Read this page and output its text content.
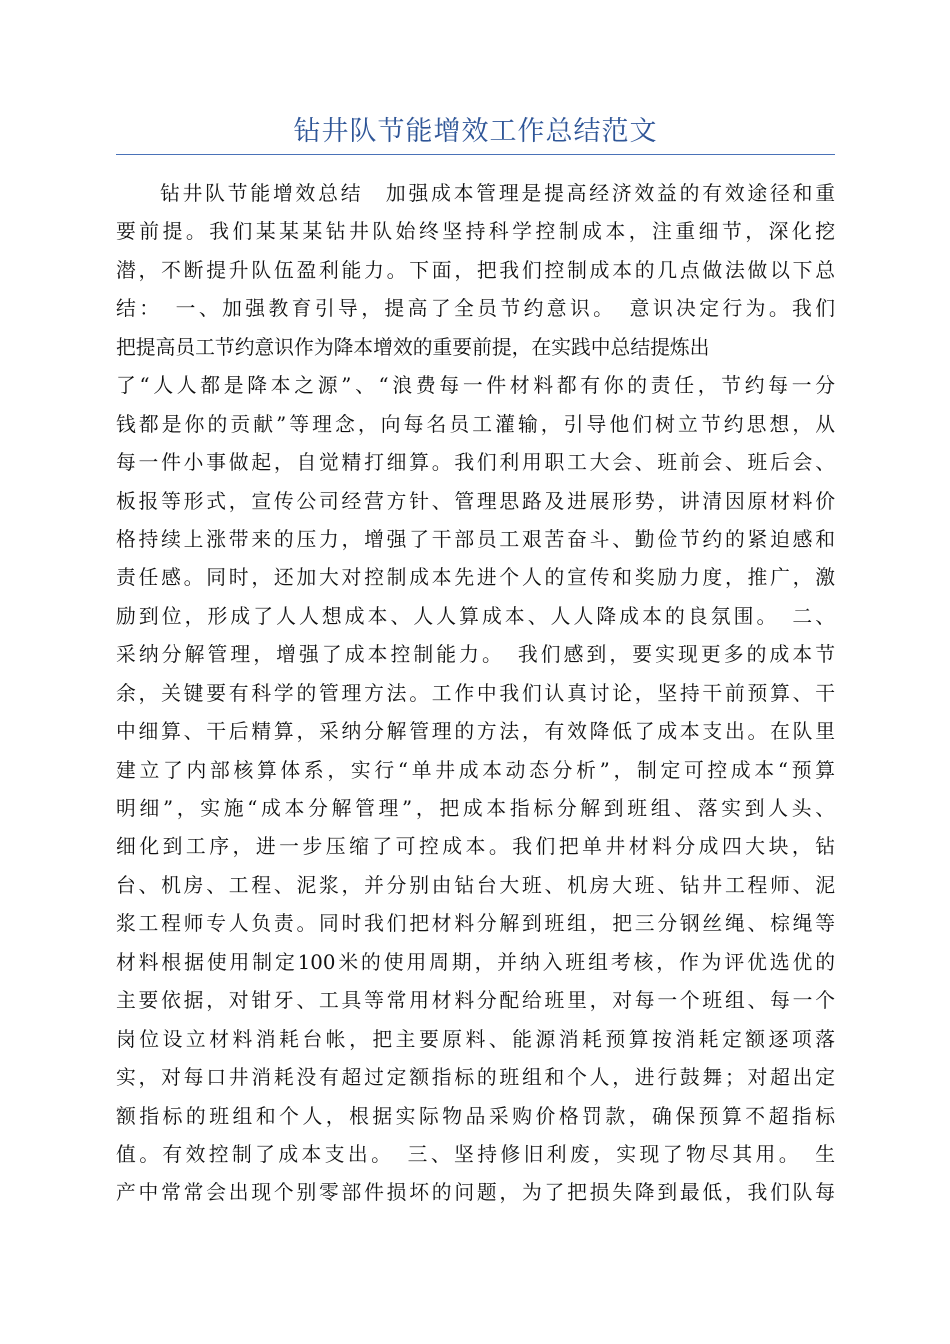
钻井队节能增效工作总结范文
钻井队节能增效总结　加强成本管理是提高经济效益的有效途径和重
要前提。我们某某某钻井队始终坚持科学控制成本，注重细节，深化挖
潜，不断提升队伍盈利能力。下面，把我们控制成本的几点做法做以下总
结：　一、加强教育引导，提高了全员节约意识。　意识决定行为。我们
把提高员工节约意识作为降本增效的重要前提，在实践中总结提炼出
了“人人都是降本之源”、“浪费每一件材料都有你的责任，节约每一分
钱都是你的贡献”等理念，向每名员工灌输，引导他们树立节约思想，从
每一件小事做起，自觉精打细算。我们利用职工大会、班前会、班后会、
板报等形式，宣传公司经营方针、管理思路及进展形势，讲清因原材料价
格持续上涨带来的压力，增强了干部员工艰苦奋斗、勤俭节约的紧迫感和
责任感。同时，还加大对控制成本先进个人的宣传和奖励力度，推广，激
励到位，形成了人人想成本、人人算成本、人人降成本的良氛围。　二、
采纳分解管理，增强了成本控制能力。　我们感到，要实现更多的成本节
余，关键要有科学的管理方法。工作中我们认真讨论，坚持干前预算、干
中细算、干后精算，采纳分解管理的方法，有效降低了成本支出。在队里
建立了内部核算体系，实行“单井成本动态分析”，制定可控成本“预算
明细”，实施“成本分解管理”，把成本指标分解到班组、落实到人头、
细化到工序，进一步压缩了可控成本。我们把单井材料分成四大块，钻
台、机房、工程、泥浆，并分别由钻台大班、机房大班、钻井工程师、泥
浆工程师专人负责。同时我们把材料分解到班组，把三分钢丝绳、棕绳等
材料根据使用制定100米的使用周期，并纳入班组考核，作为评优选优的
主要依据，对钳牙、工具等常用材料分配给班里，对每一个班组、每一个
岗位设立材料消耗台帐，把主要原料、能源消耗预算按消耗定额逐项落
实，对每口井消耗没有超过定额指标的班组和个人，进行鼓舞；对超出定
额指标的班组和个人，根据实际物品采购价格罚款，确保预算不超指标
值。有效控制了成本支出。　三、坚持修旧利废，实现了物尽其用。　生
产中常常会出现个别零部件损坏的问题，为了把损失降到最低，我们队每
